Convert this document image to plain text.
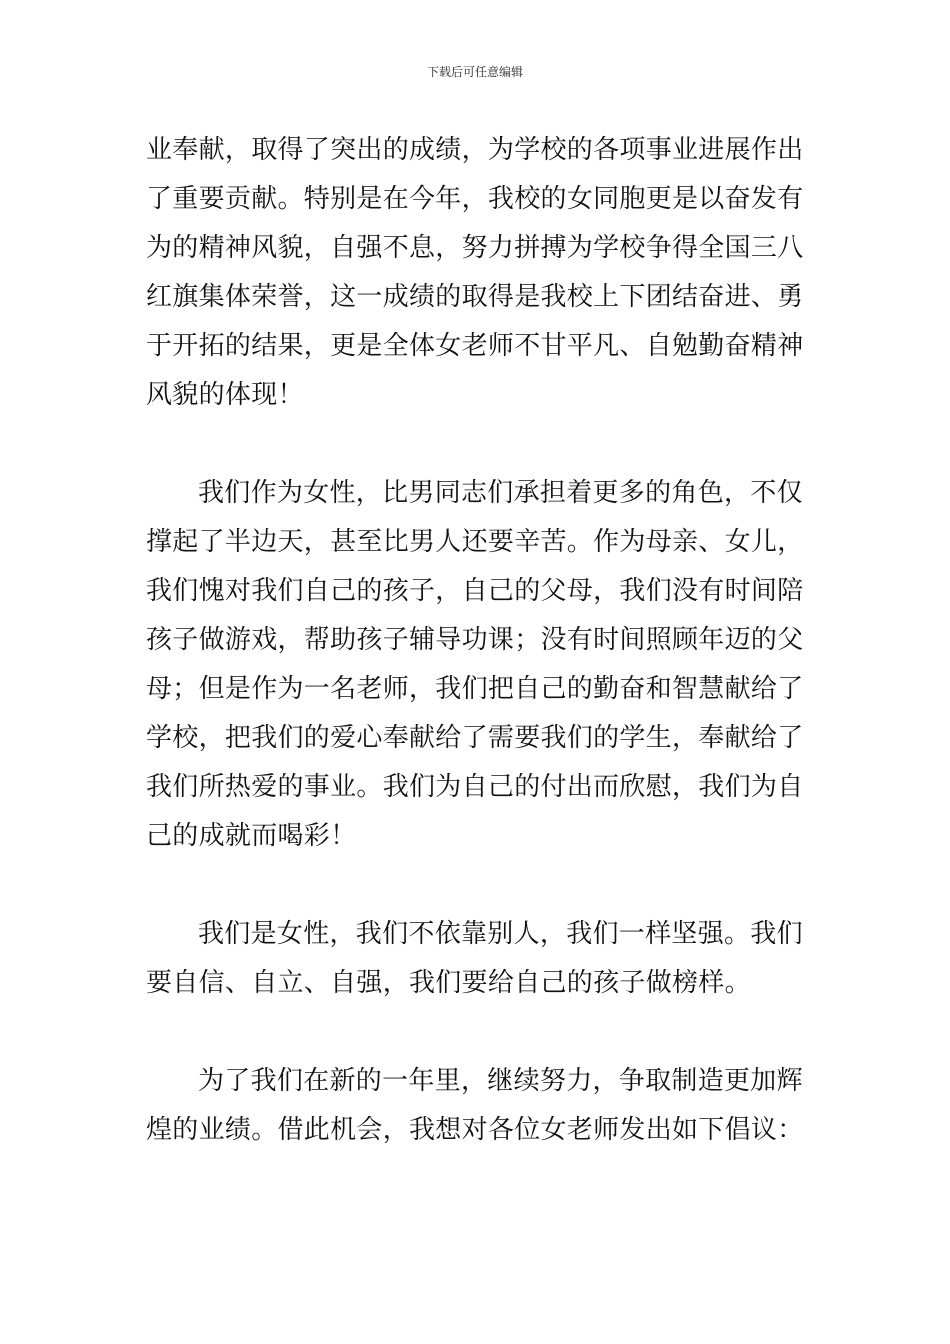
下载后可任意编辑

业奉献，取得了突出的成绩，为学校的各项事业进展作出
了重要贡献。特别是在今年，我校的女同胞更是以奋发有
为的精神风貌，自强不息，努力拼搏为学校争得全国三八
红旗集体荣誉，这一成绩的取得是我校上下团结奋进、勇
于开拓的结果，更是全体女老师不甘平凡、自勉勤奋精神
风貌的体现！

我们作为女性，比男同志们承担着更多的角色，不仅
撑起了半边天，甚至比男人还要辛苦。作为母亲、女儿，
我们愧对我们自己的孩子，自己的父母，我们没有时间陪
孩子做游戏，帮助孩子辅导功课；没有时间照顾年迈的父
母；但是作为一名老师，我们把自己的勤奋和智慧献给了
学校，把我们的爱心奉献给了需要我们的学生，奉献给了
我们所热爱的事业。我们为自己的付出而欣慰，我们为自
己的成就而喝彩！

我们是女性，我们不依靠别人，我们一样坚强。我们
要自信、自立、自强，我们要给自己的孩子做榜样。

为了我们在新的一年里，继续努力，争取制造更加辉
煌的业绩。借此机会，我想对各位女老师发出如下倡议：
